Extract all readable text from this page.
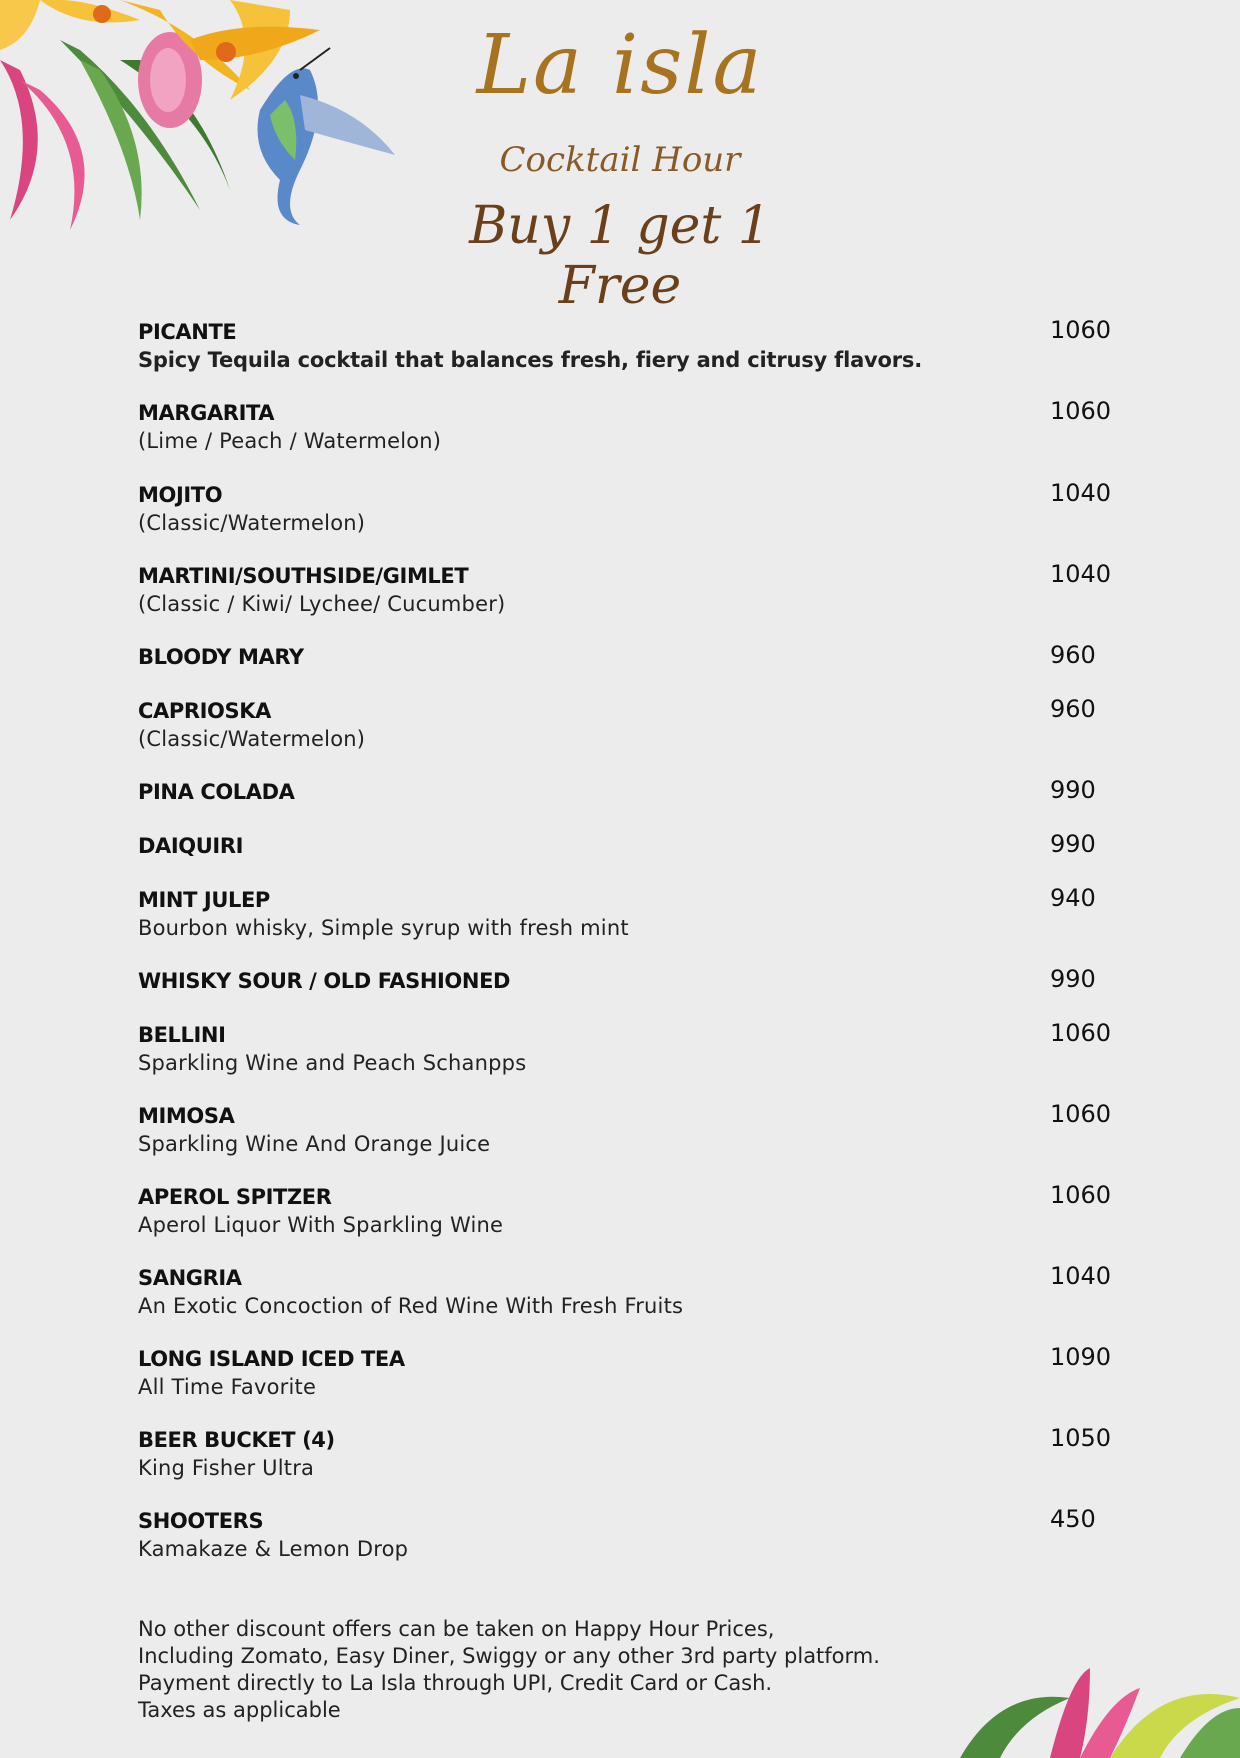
La isla
Cocktail Hour
Buy 1 get 1 Free
PICANTE
Spicy Tequila cocktail that balances fresh, fiery and citrusy flavors.
1060
MARGARITA
(Lime / Peach / Watermelon)
1060
MOJITO
(Classic/Watermelon)
1040
MARTINI/SOUTHSIDE/GIMLET
(Classic / Kiwi/ Lychee/ Cucumber)
1040
BLOODY MARY	960
CAPRIOSKA
(Classic/Watermelon)
960
PINA COLADA	990
DAIQUIRI	990
MINT JULEP
Bourbon whisky, Simple syrup with fresh mint
940
WHISKY SOUR / OLD FASHIONED	990
BELLINI
Sparkling Wine and Peach Schanpps
1060
MIMOSA
Sparkling Wine And Orange Juice
1060
APEROL SPITZER
Aperol Liquor With Sparkling Wine
1060
SANGRIA
An Exotic Concoction of Red Wine With Fresh Fruits
1040
LONG ISLAND ICED TEA
All Time Favorite
1090
BEER BUCKET (4)
King Fisher Ultra
1050
SHOOTERS
Kamakaze & Lemon Drop
450
No other discount offers can be taken on Happy Hour Prices,
Including Zomato, Easy Diner, Swiggy or any other 3rd party platform.
Payment directly to La Isla through UPI, Credit Card or Cash.
Taxes as applicable
